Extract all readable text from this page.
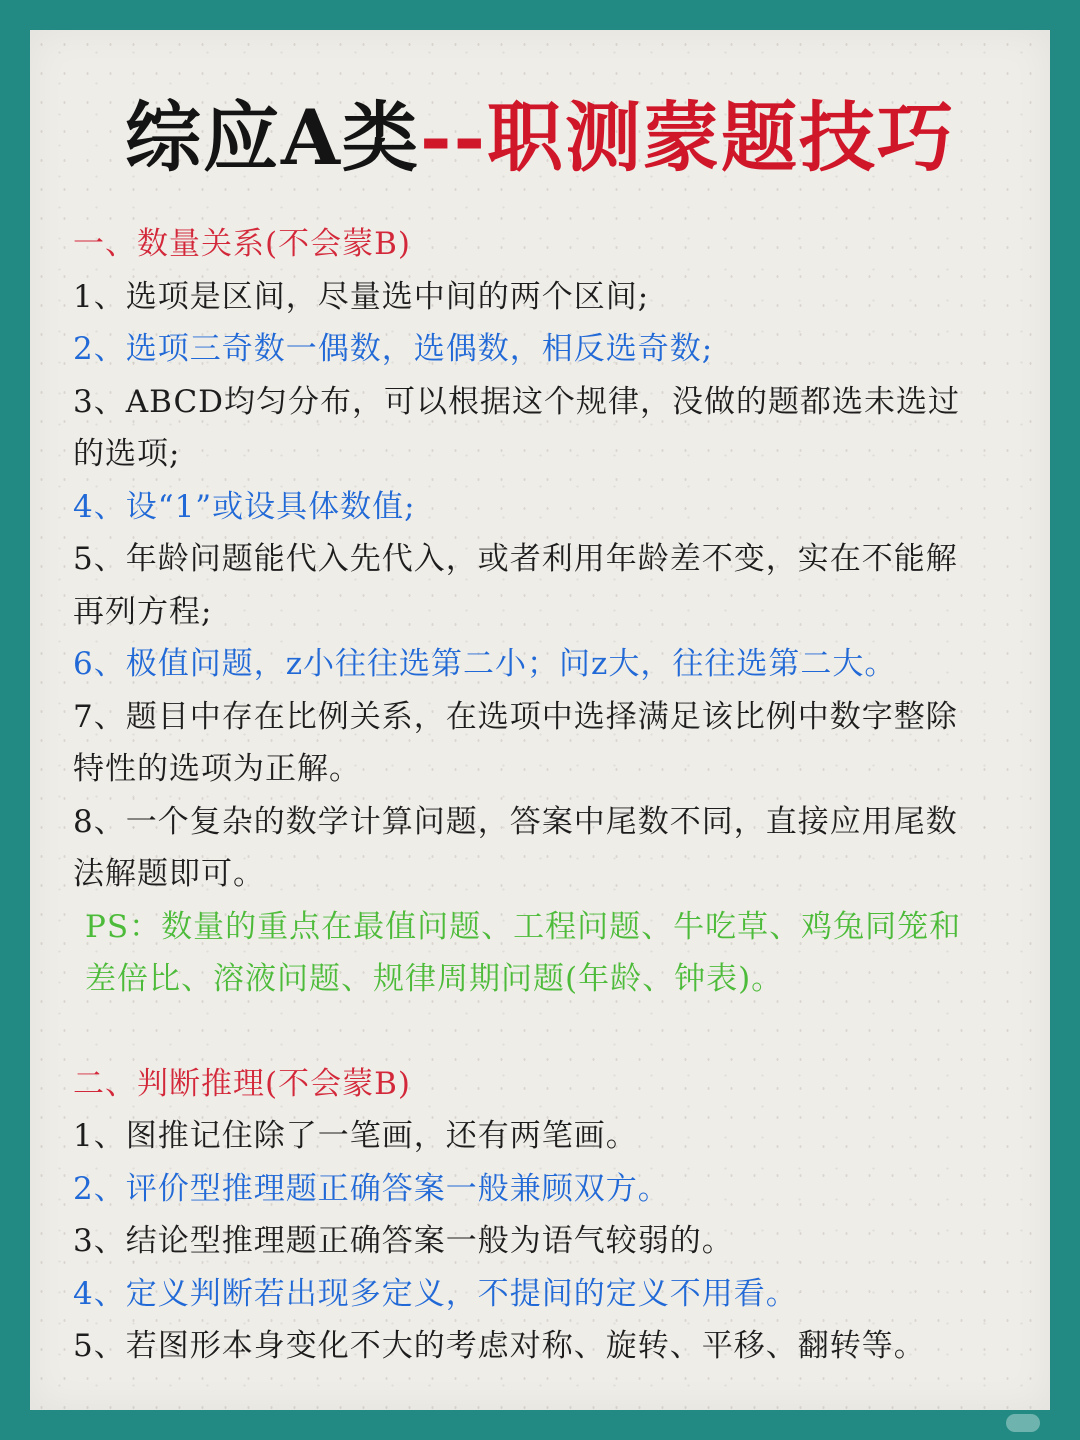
综应A类--职测蒙题技巧

一、数量关系(不会蒙B)

1、选项是区间，尽量选中间的两个区间;

2、选项三奇数一偶数，选偶数，相反选奇数;

3、ABCD均匀分布，可以根据这个规律，没做的题都选未选过的选项;

4、设“1”或设具体数值;

5、年龄问题能代入先代入，或者利用年龄差不变，实在不能解再列方程;

6、极值问题，z小往往选第二小；问z大，往往选第二大。

7、题目中存在比例关系，在选项中选择满足该比例中数字整除特性的选项为正解。

8、一个复杂的数学计算问题，答案中尾数不同，直接应用尾数法解题即可。

PS：数量的重点在最值问题、工程问题、牛吃草、鸡兔同笼和差倍比、溶液问题、规律周期问题(年龄、钟表)。

二、判断推理(不会蒙B)

1、图推记住除了一笔画，还有两笔画。

2、评价型推理题正确答案一般兼顾双方。

3、结论型推理题正确答案一般为语气较弱的。

4、定义判断若出现多定义，不提间的定义不用看。

5、若图形本身变化不大的考虑对称、旋转、平移、翻转等。
